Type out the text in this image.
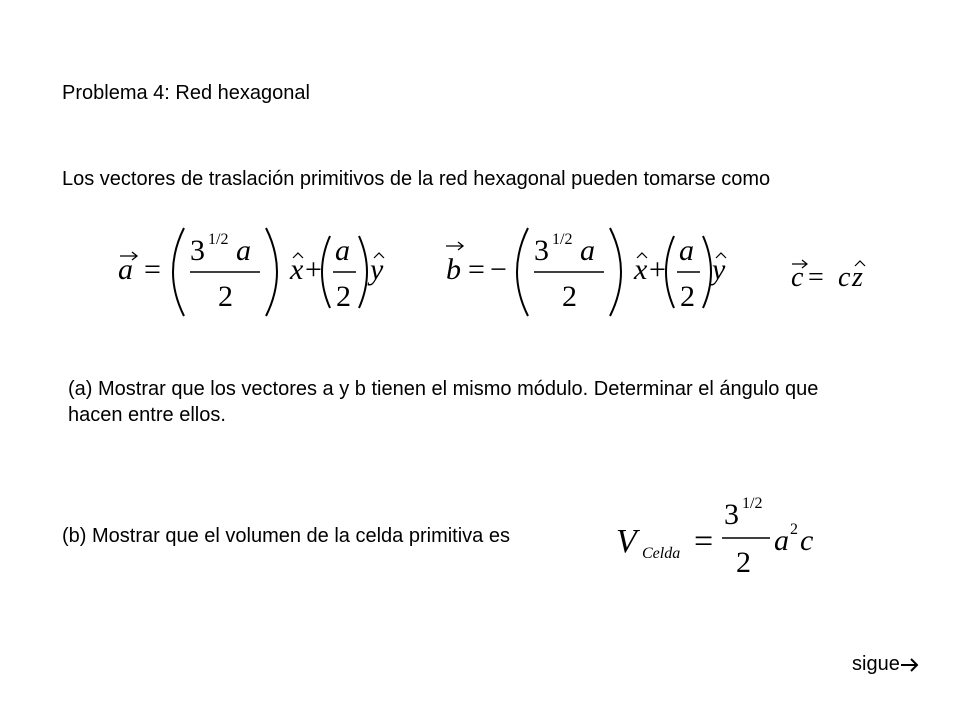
Problema 4: Red hexagonal
Los vectores de traslación primitivos de la red hexagonal pueden tomarse como
a =
3 1/2 a
2
x +
a
2
y b = −
3 1/2 a
2
x +
a
2
y c = c z
(a) Mostrar que los vectores a y b tienen el mismo módulo. Determinar el ángulo que hacen entre ellos.
(b) Mostrar que el volumen de la celda primitiva es	V Celda =
3 1/2
2
a 2 c
sigue
